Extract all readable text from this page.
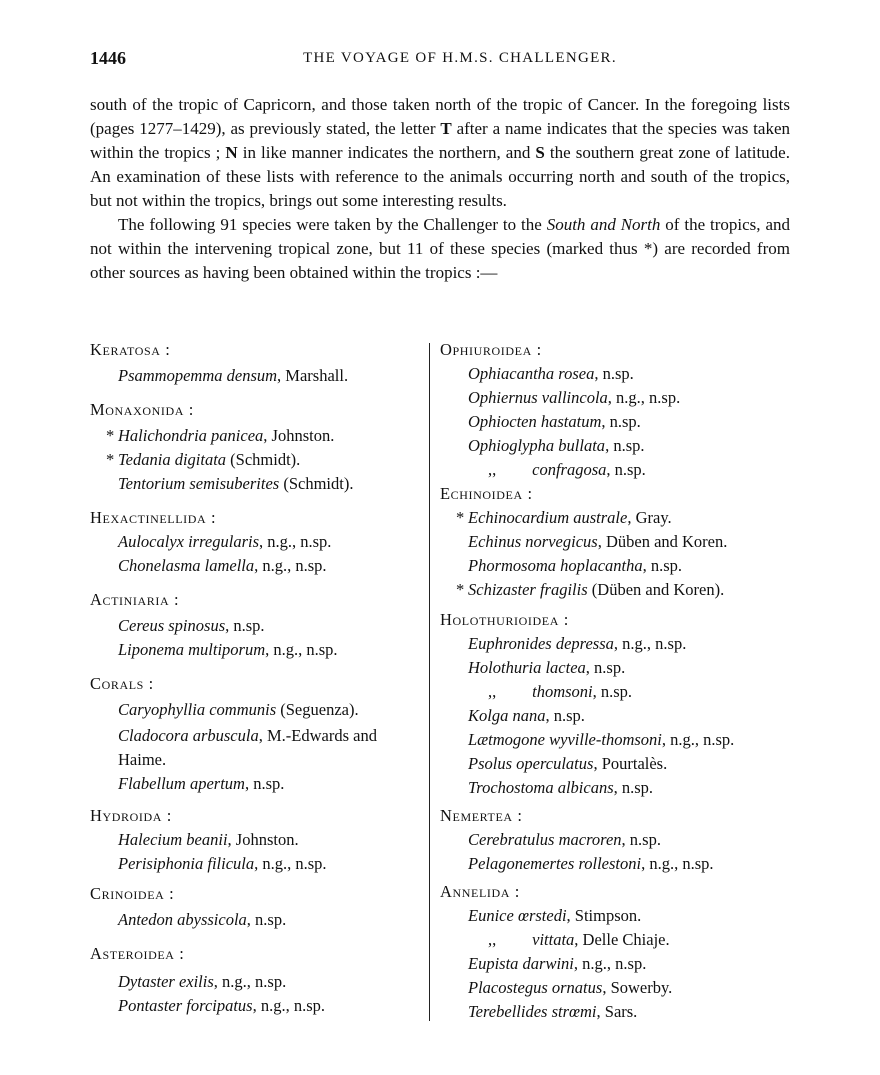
1446	THE VOYAGE OF H.M.S. CHALLENGER.

south of the tropic of Capricorn, and those taken north of the tropic of Cancer. In the foregoing lists (pages 1277–1429), as previously stated, the letter T after a name indicates that the species was taken within the tropics ; N in like manner indicates the northern, and S the southern great zone of latitude. An examination of these lists with reference to the animals occurring north and south of the tropics, but not within the tropics, brings out some interesting results.

The following 91 species were taken by the Challenger to the South and North of the tropics, and not within the intervening tropical zone, but 11 of these species (marked thus *) are recorded from other sources as having been obtained within the tropics :—

Keratosa :
Psammopemma densum, Marshall.
Monaxonida :
* Halichondria panicea, Johnston.
* Tedania digitata (Schmidt).
Tentorium semisuberites (Schmidt).
Hexactinellida :
Aulocalyx irregularis, n.g., n.sp.
Chonelasma lamella, n.g., n.sp.
Actiniaria :
Cereus spinosus, n.sp.
Liponema multiporum, n.g., n.sp.
Corals :
Caryophyllia communis (Seguenza).
Cladocora arbuscula, M.-Edwards and Haime.
Flabellum apertum, n.sp.
Hydroida :
Halecium beanii, Johnston.
Perisiphonia filicula, n.g., n.sp.
Crinoidea :
Antedon abyssicola, n.sp.
Asteroidea :
Dytaster exilis, n.g., n.sp.
Pontaster forcipatus, n.g., n.sp.
Ophiuroidea :
Ophiacantha rosea, n.sp.
Ophiernus vallincola, n.g., n.sp.
Ophiocten hastatum, n.sp.
Ophioglypha bullata, n.sp.
,, confragosa, n.sp.
Echinoidea :
* Echinocardium australe, Gray.
Echinus norvegicus, Düben and Koren.
Phormosoma hoplacantha, n.sp.
* Schizaster fragilis (Düben and Koren).
Holothurioidea :
Euphronides depressa, n.g., n.sp.
Holothuria lactea, n.sp.
,, thomsoni, n.sp.
Kolga nana, n.sp.
Lætmogone wyville-thomsoni, n.g., n.sp.
Psolus operculatus, Pourtalès.
Trochostoma albicans, n.sp.
Nemertea :
Cerebratulus macroren, n.sp.
Pelagonemertes rollestoni, n.g., n.sp.
Annelida :
Eunice œrstedi, Stimpson.
,, vittata, Delle Chiaje.
Eupista darwini, n.g., n.sp.
Placostegus ornatus, Sowerby.
Terebellides strœmi, Sars.
